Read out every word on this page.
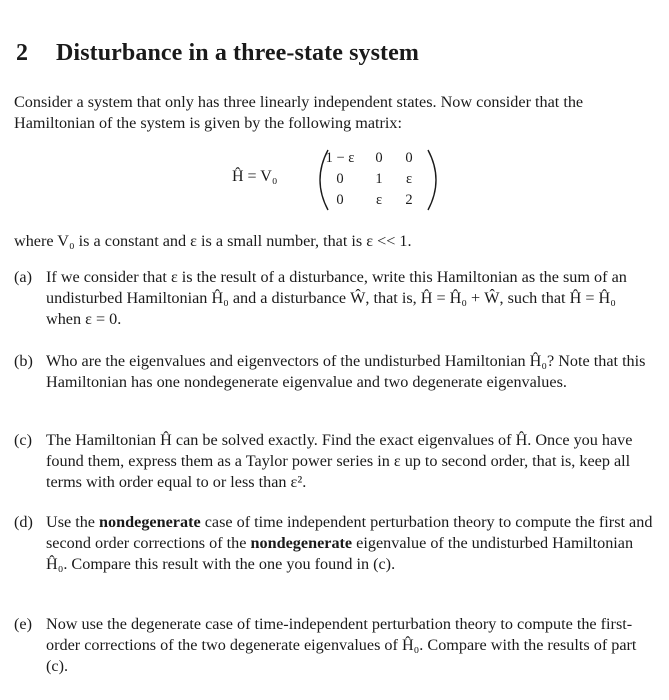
2 Disturbance in a three-state system

Consider a system that only has three linearly independent states. Now consider that the Hamiltonian of the system is given by the following matrix:

Ĥ = V₀
1 − ε	0	0
0	1	ε
0	ε	2

where V₀ is a constant and ε is a small number, that is ε << 1.

(a) If we consider that ε is the result of a disturbance, write this Hamiltonian as the sum of an undisturbed Hamiltonian Ĥ₀ and a disturbance Ŵ, that is, Ĥ = Ĥ₀ + Ŵ, such that Ĥ = Ĥ₀ when ε = 0.
(b) Who are the eigenvalues and eigenvectors of the undisturbed Hamiltonian Ĥ₀? Note that this Hamiltonian has one nondegenerate eigenvalue and two degenerate eigenvalues.
(c) The Hamiltonian Ĥ can be solved exactly. Find the exact eigenvalues of Ĥ. Once you have found them, express them as a Taylor power series in ε up to second order, that is, keep all terms with order equal to or less than ε².
(d) Use the nondegenerate case of time independent perturbation theory to compute the first and second order corrections of the nondegenerate eigenvalue of the undisturbed Hamiltonian Ĥ₀. Compare this result with the one you found in (c).
(e) Now use the degenerate case of time-independent perturbation theory to compute the first-order corrections of the two degenerate eigenvalues of Ĥ₀. Compare with the results of part (c).
